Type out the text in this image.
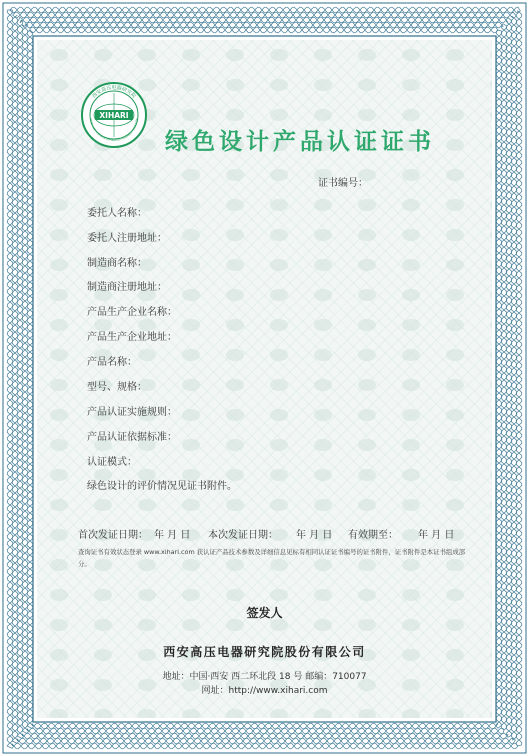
西安高压电器研究院
XI'AN HIGH VOLTAGE APPARATUS RESEARCH INSTITUTE
XIHARI
绿色设计产品认证证书
证书编号：
委托人名称：
委托人注册地址：
制造商名称：
制造商注册地址：
产品生产企业名称：
产品生产企业地址：
产品名称：
型号、规格：
产品认证实施规则：
产品认证依据标准：
认证模式：
绿色设计的评价情况见证书附件。
首次发证日期： 年 月 日 本次发证日期： 年 月 日 有效期至： 年 月 日
查询证书有效状态登录 www.xihari.com 获认证产品技术参数及详细信息见标有相同认证证书编号的证书附件，证书附件是本证书组成部分。
签发人
西安高压电器研究院股份有限公司
地址：中国·西安 西二环北段 18 号 邮编：710077
网址：http://www.xihari.com
